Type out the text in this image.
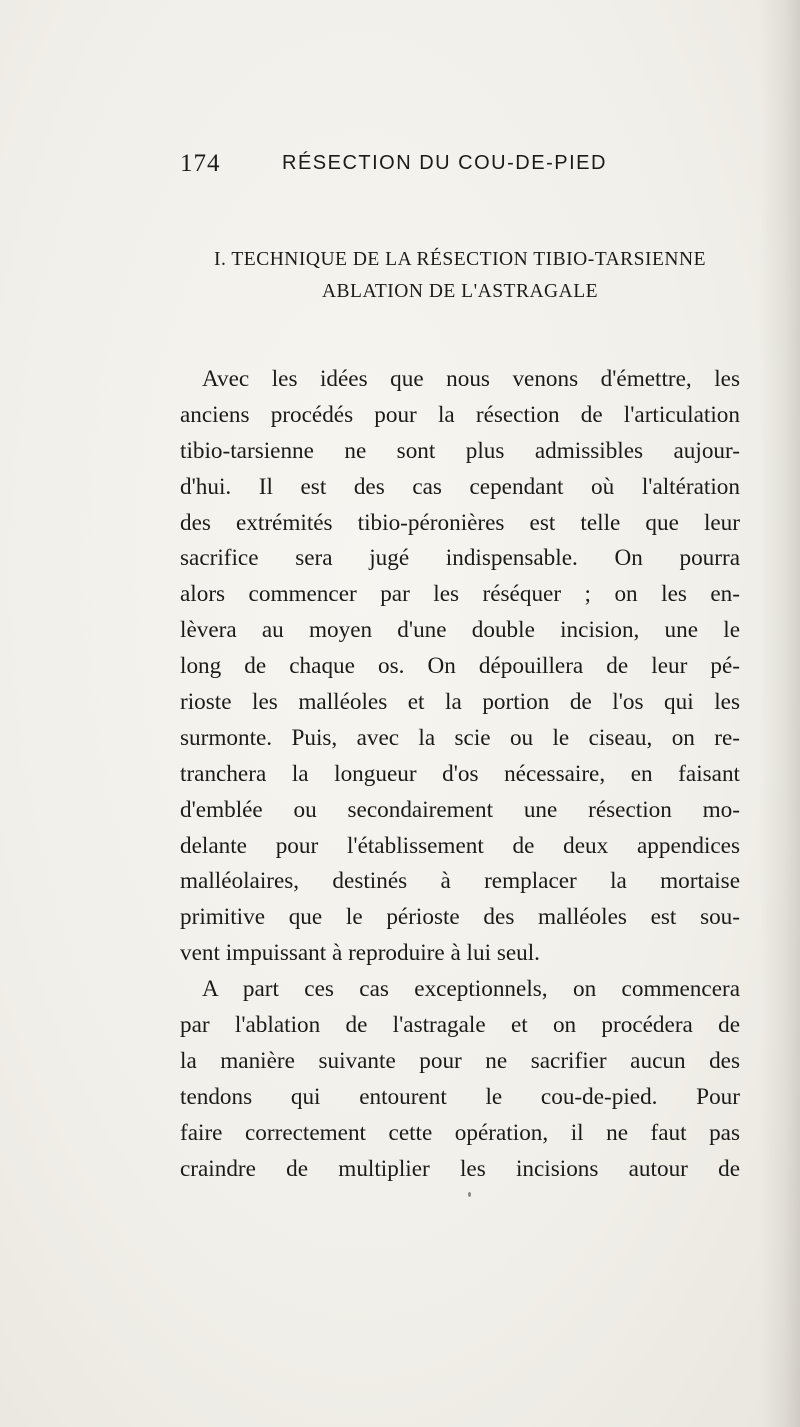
174	RÉSECTION DU COU-DE-PIED
I. TECHNIQUE DE LA RÉSECTION TIBIO-TARSIENNE
ABLATION DE L'ASTRAGALE
Avec les idées que nous venons d'émettre, les
anciens procédés pour la résection de l'articulation
tibio-tarsienne ne sont plus admissibles aujour-
d'hui. Il est des cas cependant où l'altération
des extrémités tibio-péronières est telle que leur
sacrifice sera jugé indispensable. On pourra
alors commencer par les réséquer ; on les en-
lèvera au moyen d'une double incision, une le
long de chaque os. On dépouillera de leur pé-
rioste les malléoles et la portion de l'os qui les
surmonte. Puis, avec la scie ou le ciseau, on re-
tranchera la longueur d'os nécessaire, en faisant
d'emblée ou secondairement une résection mo-
delante pour l'établissement de deux appendices
malléolaires, destinés à remplacer la mortaise
primitive que le périoste des malléoles est sou-
vent impuissant à reproduire à lui seul.
A part ces cas exceptionnels, on commencera
par l'ablation de l'astragale et on procédera de
la manière suivante pour ne sacrifier aucun des
tendons qui entourent le cou-de-pied. Pour
faire correctement cette opération, il ne faut pas
craindre de multiplier les incisions autour de
